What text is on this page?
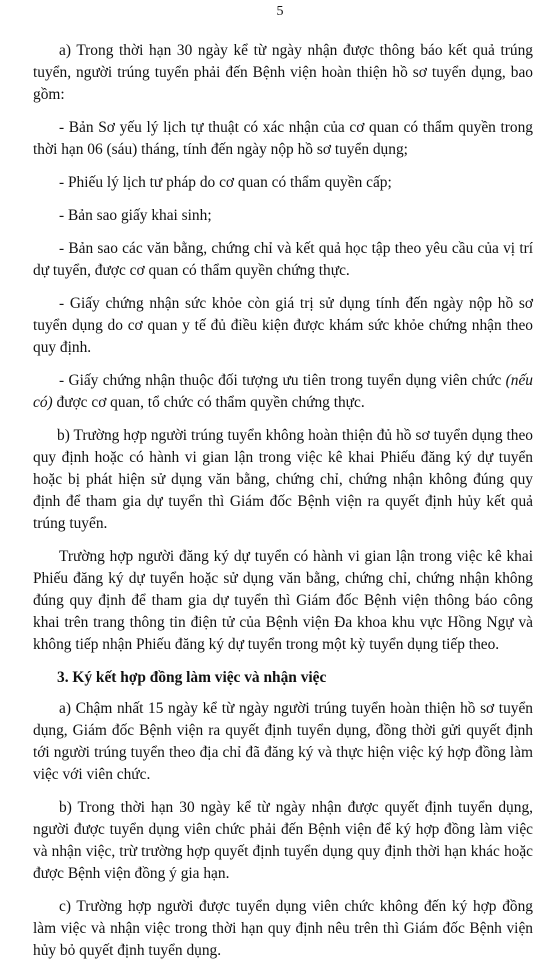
5

a) Trong thời hạn 30 ngày kể từ ngày nhận được thông báo kết quả trúng tuyển, người trúng tuyển phải đến Bệnh viện hoàn thiện hồ sơ tuyển dụng, bao gồm:

- Bản Sơ yếu lý lịch tự thuật có xác nhận của cơ quan có thẩm quyền trong thời hạn 06 (sáu) tháng, tính đến ngày nộp hồ sơ tuyển dụng;

- Phiếu lý lịch tư pháp do cơ quan có thẩm quyền cấp;

- Bản sao giấy khai sinh;

- Bản sao các văn bằng, chứng chỉ và kết quả học tập theo yêu cầu của vị trí dự tuyển, được cơ quan có thẩm quyền chứng thực.

- Giấy chứng nhận sức khỏe còn giá trị sử dụng tính đến ngày nộp hồ sơ tuyển dụng do cơ quan y tế đủ điều kiện được khám sức khỏe chứng nhận theo quy định.

- Giấy chứng nhận thuộc đối tượng ưu tiên trong tuyển dụng viên chức (nếu có) được cơ quan, tổ chức có thẩm quyền chứng thực.

b) Trường hợp người trúng tuyển không hoàn thiện đủ hồ sơ tuyển dụng theo quy định hoặc có hành vi gian lận trong việc kê khai Phiếu đăng ký dự tuyển hoặc bị phát hiện sử dụng văn bằng, chứng chỉ, chứng nhận không đúng quy định để tham gia dự tuyển thì Giám đốc Bệnh viện ra quyết định hủy kết quả trúng tuyển.

Trường hợp người đăng ký dự tuyển có hành vi gian lận trong việc kê khai Phiếu đăng ký dự tuyển hoặc sử dụng văn bằng, chứng chỉ, chứng nhận không đúng quy định để tham gia dự tuyển thì Giám đốc Bệnh viện thông báo công khai trên trang thông tin điện tử của Bệnh viện Đa khoa khu vực Hồng Ngự và không tiếp nhận Phiếu đăng ký dự tuyển trong một kỳ tuyển dụng tiếp theo.

3. Ký kết hợp đồng làm việc và nhận việc

a) Chậm nhất 15 ngày kể từ ngày người trúng tuyển hoàn thiện hồ sơ tuyển dụng, Giám đốc Bệnh viện ra quyết định tuyển dụng, đồng thời gửi quyết định tới người trúng tuyển theo địa chỉ đã đăng ký và thực hiện việc ký hợp đồng làm việc với viên chức.

b) Trong thời hạn 30 ngày kể từ ngày nhận được quyết định tuyển dụng, người được tuyển dụng viên chức phải đến Bệnh viện để ký hợp đồng làm việc và nhận việc, trừ trường hợp quyết định tuyển dụng quy định thời hạn khác hoặc được Bệnh viện đồng ý gia hạn.

c) Trường hợp người được tuyển dụng viên chức không đến ký hợp đồng làm việc và nhận việc trong thời hạn quy định nêu trên thì Giám đốc Bệnh viện hủy bỏ quyết định tuyển dụng.
